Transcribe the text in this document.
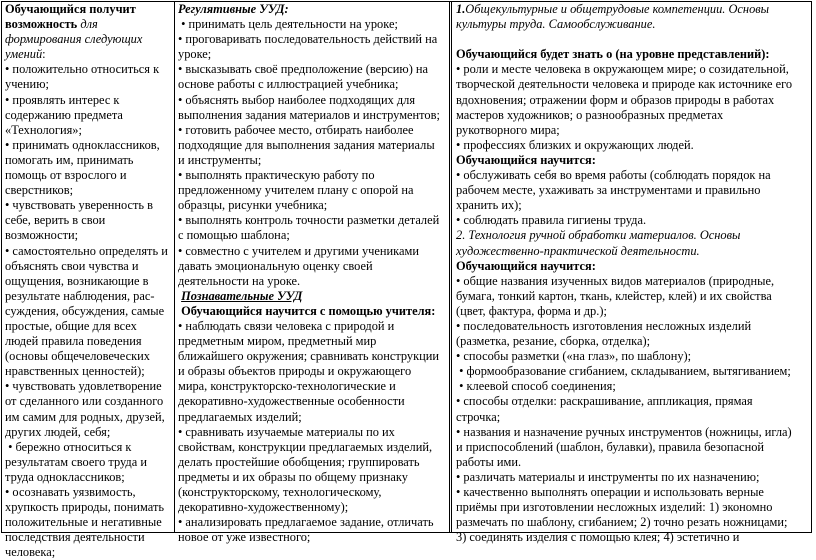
Обучающийся получит
возможность для
формирования следующих
умений:
• положительно относиться к
учению;
• проявлять интерес к
содержанию предмета
«Технология»;
• принимать одноклассников,
помогать им, принимать
помощь от взрослого и
сверстников;
• чувствовать уверенность в
себе, верить в свои
возможности;
• самостоятельно определять и
объяснять свои чувства и
ощущения, возникающие в
результате наблюдения, рас-
суждения, обсуждения, самые
простые, общие для всех
людей правила поведения
(основы общечеловеческих
нравственных ценностей);
• чувствовать удовлетворение
от сделанного или созданного
им самим для родных, друзей,
других людей, себя;
• бережно относиться к
результатам своего труда и
труда одноклассников;
• осознавать уязвимость,
хрупкость природы, понимать
положительные и негативные
последствия деятельности
человека;
Регулятивные УУД:
• принимать цель деятельности на уроке;
• проговаривать последовательность действий на
уроке;
• высказывать своё предположение (версию) на
основе работы с иллюстрацией учебника;
• объяснять выбор наиболее подходящих для
выполнения задания материалов и инструментов;
• готовить рабочее место, отбирать наиболее
подходящие для выполнения задания материалы
и инструменты;
• выполнять практическую работу по
предложенному учителем плану с опорой на
образцы, рисунки учебника;
• выполнять контроль точности разметки деталей
с помощью шаблона;
• совместно с учителем и другими учениками
давать эмоциональную оценку своей
деятельности на уроке.
Познавательные УУД
Обучающийся научится с помощью учителя:
• наблюдать связи человека с природой и
предметным миром, предметный мир
ближайшего окружения; сравнивать конструкции
и образы объектов природы и окружающего
мира, конструкторско-технологические и
декоративно-художественные особенности
предлагаемых изделий;
• сравнивать изучаемые материалы по их
свойствам, конструкции предлагаемых изделий,
делать простейшие обобщения; группировать
предметы и их образы по общему признаку
(конструкторскому, технологическому,
декоративно-художественному);
• анализировать предлагаемое задание, отличать
новое от уже известного;
1.Общекультурные и общетрудовые компетенции. Основы
культуры труда. Самообслуживание.
Обучающийся будет знать о (на уровне представлений):
• роли и месте человека в окружающем мире; о созидательной,
творческой деятельности человека и природе как источнике его
вдохновения; отражении форм и образов природы в работах
мастеров художников; о разнообразных предметах
рукотворного мира;
• профессиях близких и окружающих людей.
Обучающийся научится:
• обслуживать себя во время работы (соблюдать порядок на
рабочем месте, ухаживать за инструментами и правильно
хранить их);
• соблюдать правила гигиены труда.
2. Технология ручной обработки материалов. Основы
художественно-практической деятельности.
Обучающийся научится:
• общие названия изученных видов материалов (природные,
бумага, тонкий картон, ткань, клейстер, клей) и их свойства
(цвет, фактура, форма и др.);
• последовательность изготовления несложных изделий
(разметка, резание, сборка, отделка);
• способы разметки («на глаз», по шаблону);
• формообразование сгибанием, складыванием, вытягиванием;
• клеевой способ соединения;
• способы отделки: раскрашивание, аппликация, прямая
строчка;
• названия и назначение ручных инструментов (ножницы, игла)
и приспособлений (шаблон, булавки), правила безопасной
работы ими.
• различать материалы и инструменты по их назначению;
• качественно выполнять операции и использовать верные
приёмы при изготовлении несложных изделий: 1) экономно
размечать по шаблону, сгибанием; 2) точно резать ножницами;
3) соединять изделия с помощью клея; 4) эстетично и
